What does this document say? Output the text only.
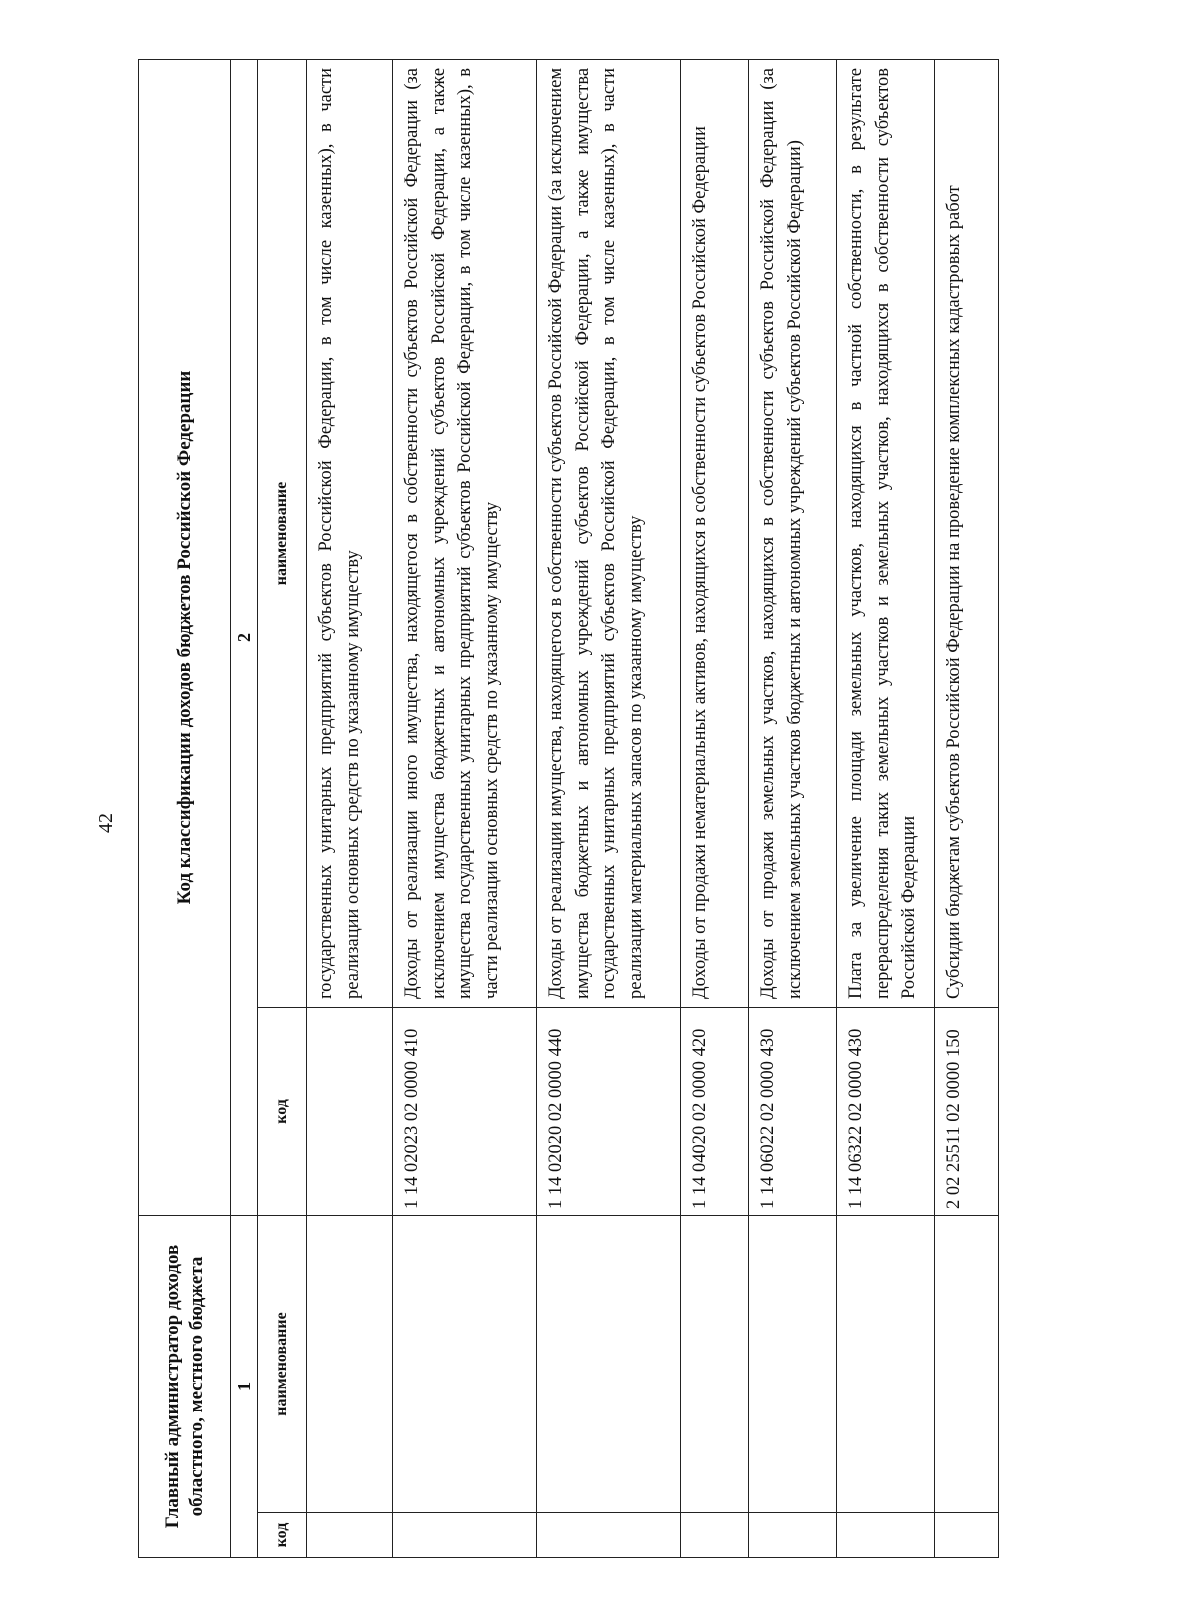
42
Главный администратор доходов областного, местного бюджета		Код классификации доходов бюджетов Российской Федерации	
1		2	
код	наименование	код	наименование
			государственных унитарных предприятий субъектов Российской Федерации, в том числе казенных), в части реализации основных средств по указанному имуществу
		1 14 02023 02 0000 410	Доходы от реализации иного имущества, находящегося в собственности субъектов Российской Федерации (за исключением имущества бюджетных и автономных учреждений субъектов Российской Федерации, а также имущества государственных унитарных предприятий субъектов Российской Федерации, в том числе казенных), в части реализации основных средств по указанному имуществу
		1 14 02020 02 0000 440	Доходы от реализации имущества, находящегося в собственности субъектов Российской Федерации (за исключением имущества бюджетных и автономных учреждений субъектов Российской Федерации, а также имущества государственных унитарных предприятий субъектов Российской Федерации, в том числе казенных), в части реализации материальных запасов по указанному имуществу
		1 14 04020 02 0000 420	Доходы от продажи нематериальных активов, находящихся в собственности субъектов Российской Федерации
		1 14 06022 02 0000 430	Доходы от продажи земельных участков, находящихся в собственности субъектов Российской Федерации (за исключением земельных участков бюджетных и автономных учреждений субъектов Российской Федерации)
		1 14 06322 02 0000 430	Плата за увеличение площади земельных участков, находящихся в частной собственности, в результате перераспределения таких земельных участков и земельных участков, находящихся в собственности субъектов Российской Федерации
		2 02 25511 02 0000 150	Субсидии бюджетам субъектов Российской Федерации на проведение комплексных кадастровых работ
